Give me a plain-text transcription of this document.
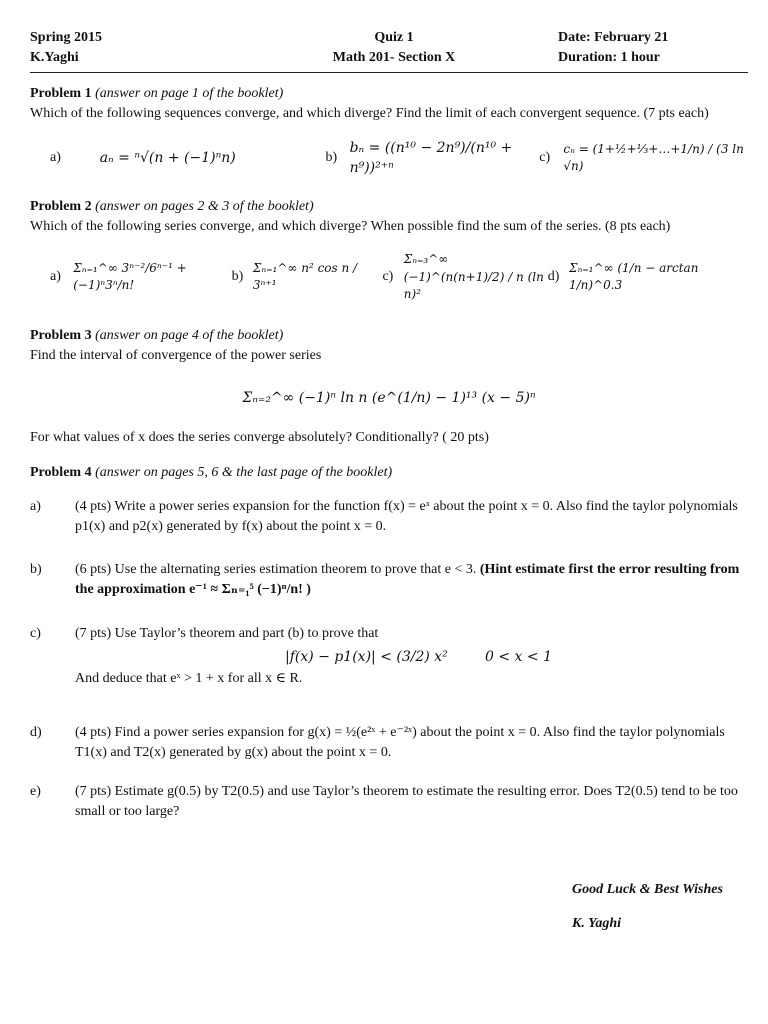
Spring 2015
K.Yaghi
Quiz 1
Math 201- Section X
Date: February 21
Duration: 1 hour
Problem 1 (answer on page 1 of the booklet)
Which of the following sequences converge, and which diverge? Find the limit of each convergent sequence. (7 pts each)
a)	aₙ = ⁿ√(n + (−1)ⁿn)	b)
bₙ = ((n¹⁰ − 2n⁹)/(n¹⁰ + n⁹))²⁺ⁿ
c)
cₙ = (1+½+⅓+…+1/n) / (3 ln √n)
Problem 2 (answer on pages 2 & 3 of the booklet)
Which of the following series converge, and which diverge? When possible find the sum of the series. (8 pts each)
a)
Σₙ₌₁^∞ 3ⁿ⁻²/6ⁿ⁻¹ + (−1)ⁿ3ⁿ/n!
b)
Σₙ₌₁^∞ n² cos n / 3ⁿ⁺¹
c)
Σₙ₌₃^∞ (−1)^(n(n+1)/2) / n (ln n)²
d)
Σₙ₌₁^∞ (1/n − arctan 1/n)^0.3
Problem 3 (answer on page 4 of the booklet)
Find the interval of convergence of the power series
Σₙ₌₂^∞ (−1)ⁿ ln n (e^(1/n) − 1)¹³ (x − 5)ⁿ
For what values of x does the series converge absolutely? Conditionally? ( 20 pts)
Problem 4 (answer on pages 5, 6 & the last page of the booklet)
a)	(4 pts) Write a power series expansion for the function f(x) = eˣ about the point x = 0. Also find the taylor polynomials p1(x) and p2(x) generated by f(x) about the point x = 0.
b)	(6 pts) Use the alternating series estimation theorem to prove that e < 3. (Hint estimate first the error resulting from the approximation e⁻¹ ≈ Σₙ₌₁⁵ (−1)ⁿ/n! )
c)	(7 pts) Use Taylor’s theorem and part (b) to prove that
|f(x) − p1(x)| < (3/2) x²	0 < x < 1
And deduce that eˣ > 1 + x for all x ∈ R.
d)	(4 pts) Find a power series expansion for g(x) = ½(e²ˣ + e⁻²ˣ) about the point x = 0. Also find the taylor polynomials T1(x) and T2(x) generated by g(x) about the point x = 0.
e)	(7 pts) Estimate g(0.5) by T2(0.5) and use Taylor’s theorem to estimate the resulting error. Does T2(0.5) tend to be too small or too large?
Good Luck & Best Wishes
K. Yaghi
